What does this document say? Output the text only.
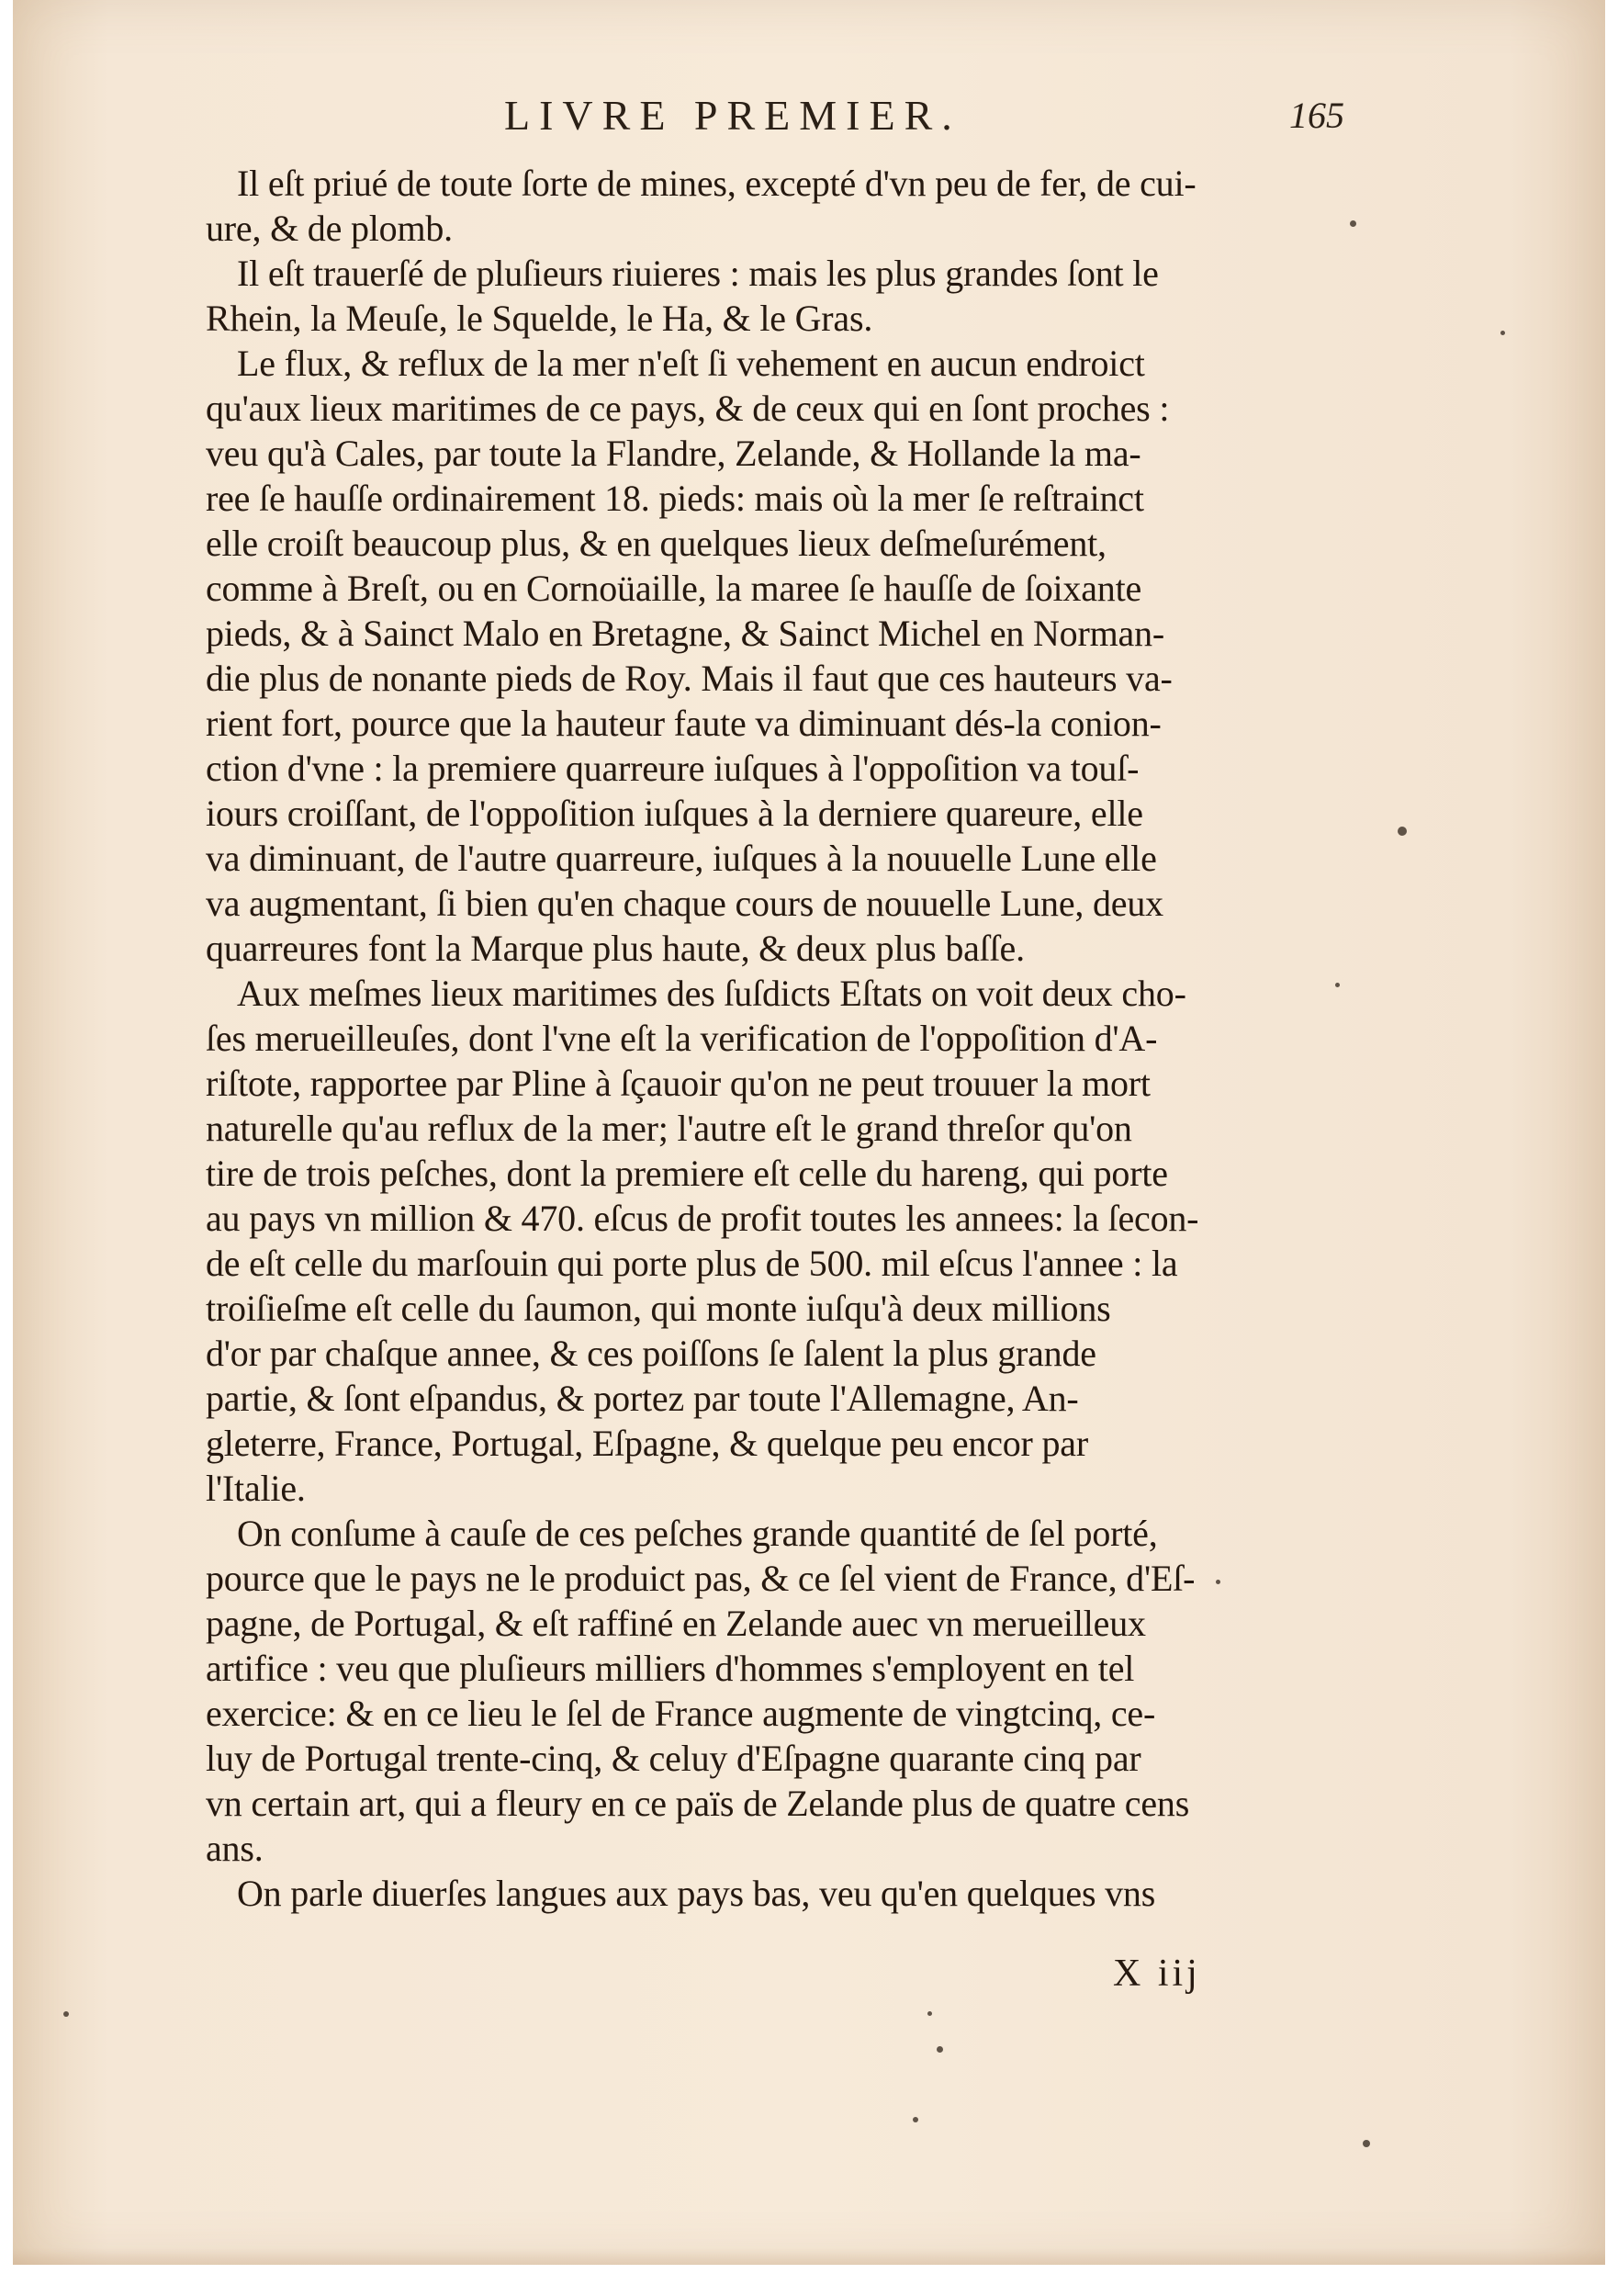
LIVRE PREMIER.	165
Il eſt priué de toute ſorte de mines, excepté d'vn peu de fer, de cui-
ure, & de plomb.
Il eſt trauerſé de pluſieurs riuieres : mais les plus grandes ſont le
Rhein, la Meuſe, le Squelde, le Ha, & le Gras.
Le flux, & reflux de la mer n'eſt ſi vehement en aucun endroict
qu'aux lieux maritimes de ce pays, & de ceux qui en ſont proches :
veu qu'à Cales, par toute la Flandre, Zelande, & Hollande la ma-
ree ſe hauſſe ordinairement 18. pieds: mais où la mer ſe reſtrainct
elle croiſt beaucoup plus, & en quelques lieux deſmeſurément,
comme à Breſt, ou en Cornoüaille, la maree ſe hauſſe de ſoixante
pieds, & à Sainct Malo en Bretagne, & Sainct Michel en Norman-
die plus de nonante pieds de Roy. Mais il faut que ces hauteurs va-
rient fort, pource que la hauteur faute va diminuant dés-la conion-
ction d'vne : la premiere quarreure iuſques à l'oppoſition va touſ-
iours croiſſant, de l'oppoſition iuſques à la derniere quareure, elle
va diminuant, de l'autre quarreure, iuſques à la nouuelle Lune elle
va augmentant, ſi bien qu'en chaque cours de nouuelle Lune, deux
quarreures font la Marque plus haute, & deux plus baſſe.
Aux meſmes lieux maritimes des ſuſdicts Eſtats on voit deux cho-
ſes merueilleuſes, dont l'vne eſt la verification de l'oppoſition d'A-
riſtote, rapportee par Pline à ſçauoir qu'on ne peut trouuer la mort
naturelle qu'au reflux de la mer; l'autre eſt le grand threſor qu'on
tire de trois peſches, dont la premiere eſt celle du hareng, qui porte
au pays vn million & 470. eſcus de profit toutes les annees: la ſecon-
de eſt celle du marſouin qui porte plus de 500. mil eſcus l'annee : la
troiſieſme eſt celle du ſaumon, qui monte iuſqu'à deux millions
d'or par chaſque annee, & ces poiſſons ſe ſalent la plus grande
partie, & ſont eſpandus, & portez par toute l'Allemagne, An-
gleterre, France, Portugal, Eſpagne, & quelque peu encor par
l'Italie.
On conſume à cauſe de ces peſches grande quantité de ſel porté,
pource que le pays ne le produict pas, & ce ſel vient de France, d'Eſ-
pagne, de Portugal, & eſt raffiné en Zelande auec vn merueilleux
artifice : veu que pluſieurs milliers d'hommes s'employent en tel
exercice: & en ce lieu le ſel de France augmente de vingtcinq, ce-
luy de Portugal trente-cinq, & celuy d'Eſpagne quarante cinq par
vn certain art, qui a fleury en ce païs de Zelande plus de quatre cens
ans.
On parle diuerſes langues aux pays bas, veu qu'en quelques vns
X iij
